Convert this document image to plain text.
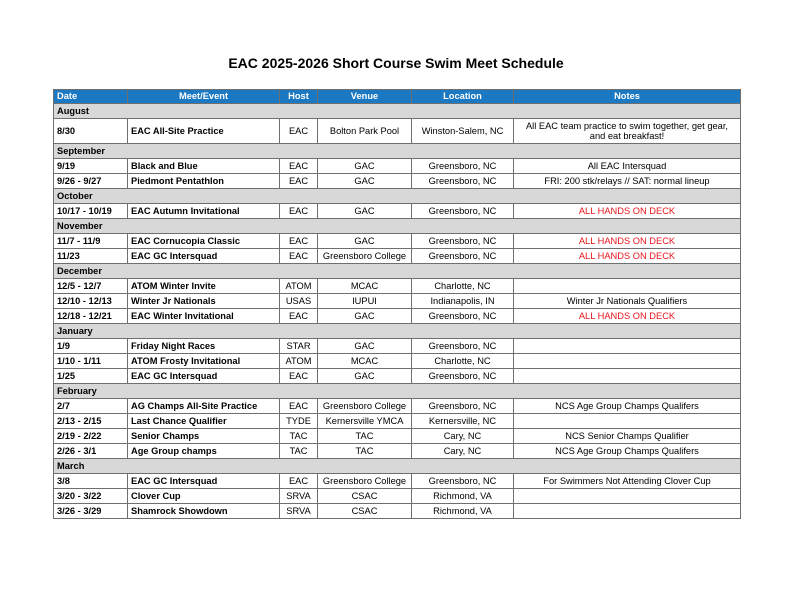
EAC 2025-2026 Short Course Swim Meet Schedule
Date	Meet/Event	Host	Venue	Location	Notes
August					
8/30	EAC All-Site Practice	EAC	Bolton Park Pool	Winston-Salem, NC	All EAC team practice to swim together, get gear, and eat breakfast!
September					
9/19	Black and Blue	EAC	GAC	Greensboro, NC	All EAC Intersquad
9/26 - 9/27	Piedmont Pentathlon	EAC	GAC	Greensboro, NC	FRI: 200 stk/relays // SAT: normal lineup
October					
10/17 - 10/19	EAC Autumn Invitational	EAC	GAC	Greensboro, NC	ALL HANDS ON DECK
November					
11/7 - 11/9	EAC Cornucopia Classic	EAC	GAC	Greensboro, NC	ALL HANDS ON DECK
11/23	EAC GC Intersquad	EAC	Greensboro College	Greensboro, NC	ALL HANDS ON DECK
December					
12/5 - 12/7	ATOM Winter Invite	ATOM	MCAC	Charlotte, NC	
12/10 - 12/13	Winter Jr Nationals	USAS	IUPUI	Indianapolis, IN	Winter Jr Nationals Qualifiers
12/18 - 12/21	EAC Winter Invitational	EAC	GAC	Greensboro, NC	ALL HANDS ON DECK
January					
1/9	Friday Night Races	STAR	GAC	Greensboro, NC	
1/10 - 1/11	ATOM Frosty Invitational	ATOM	MCAC	Charlotte, NC	
1/25	EAC GC Intersquad	EAC	GAC	Greensboro, NC	
February					
2/7	AG Champs All-Site Practice	EAC	Greensboro College	Greensboro, NC	NCS Age Group Champs Qualifers
2/13 - 2/15	Last Chance Qualifier	TYDE	Kernersville YMCA	Kernersville, NC	
2/19 - 2/22	Senior Champs	TAC	TAC	Cary, NC	NCS Senior Champs Qualifier
2/26 - 3/1	Age Group champs	TAC	TAC	Cary, NC	NCS Age Group Champs Qualifers
March					
3/8	EAC GC Intersquad	EAC	Greensboro College	Greensboro, NC	For Swimmers Not Attending Clover Cup
3/20 - 3/22	Clover Cup	SRVA	CSAC	Richmond, VA	
3/26 - 3/29	Shamrock Showdown	SRVA	CSAC	Richmond, VA	
